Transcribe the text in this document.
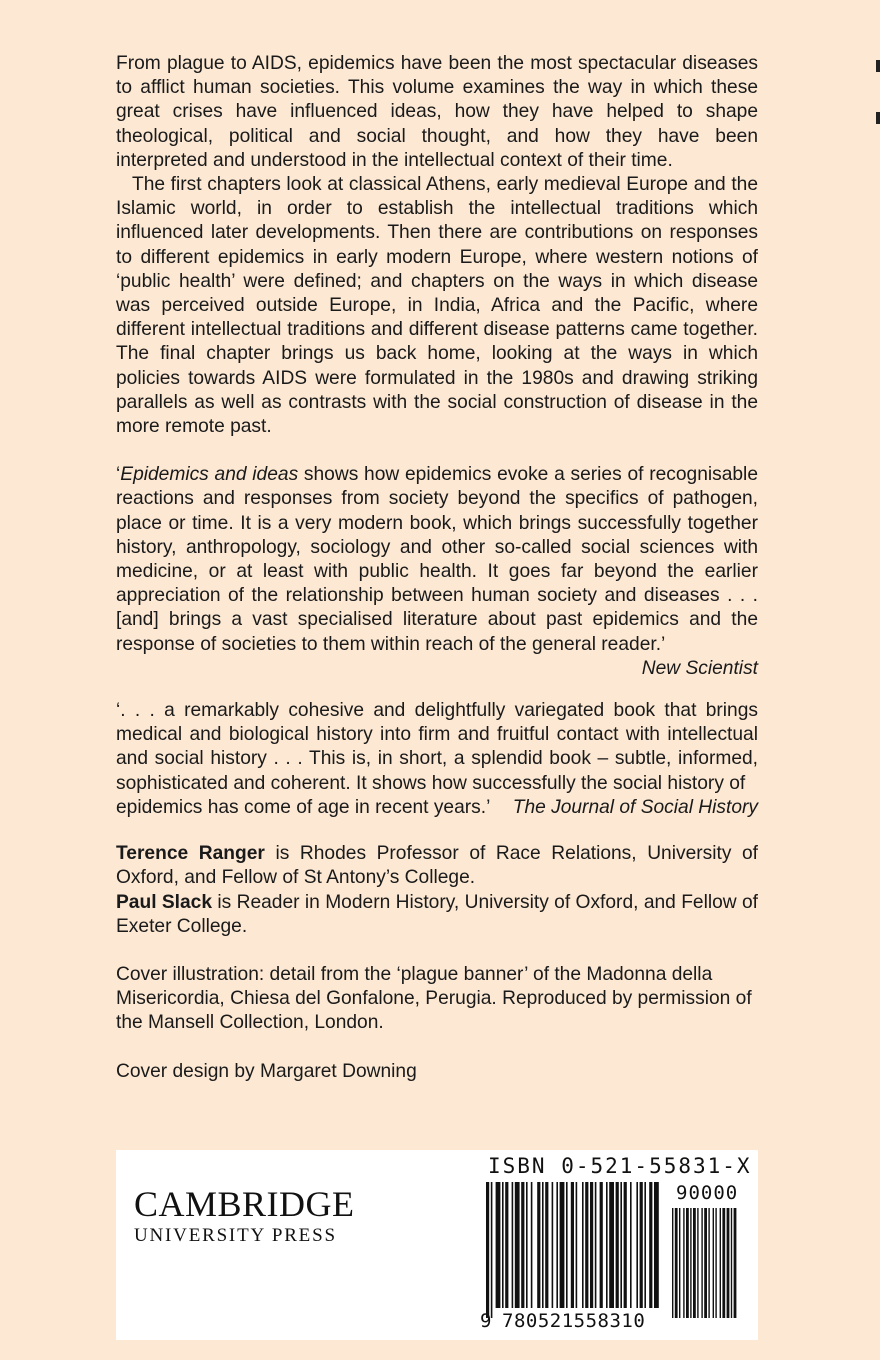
From plague to AIDS, epidemics have been the most spectacular diseases to afflict human societies. This volume examines the way in which these great crises have influenced ideas, how they have helped to shape theological, political and social thought, and how they have been interpreted and understood in the intellectual context of their time.

The first chapters look at classical Athens, early medieval Europe and the Islamic world, in order to establish the intellectual traditions which influenced later developments. Then there are contributions on responses to different epidemics in early modern Europe, where western notions of ‘public health’ were defined; and chapters on the ways in which disease was perceived outside Europe, in India, Africa and the Pacific, where different intellectual traditions and different disease patterns came together. The final chapter brings us back home, looking at the ways in which policies towards AIDS were formulated in the 1980s and drawing striking parallels as well as contrasts with the social construction of disease in the more remote past.

‘Epidemics and ideas shows how epidemics evoke a series of recognisable reactions and responses from society beyond the specifics of pathogen, place or time. It is a very modern book, which brings successfully together history, anthropology, sociology and other so-called social sciences with medicine, or at least with public health. It goes far beyond the earlier appreciation of the relationship between human society and diseases . . . [and] brings a vast specialised literature about past epidemics and the response of societies to them within reach of the general reader.’

New Scientist

‘. . . a remarkably cohesive and delightfully variegated book that brings medical and biological history into firm and fruitful contact with intellectual and social history . . . This is, in short, a splendid book – subtle, informed, sophisticated and coherent. It shows how successfully the social history of

epidemics has come of age in recent years.’ The Journal of Social History

Terence Ranger is Rhodes Professor of Race Relations, University of Oxford, and Fellow of St Antony’s College.

Paul Slack is Reader in Modern History, University of Oxford, and Fellow of Exeter College.

Cover illustration: detail from the ‘plague banner’ of the Madonna della Misericordia, Chiesa del Gonfalone, Perugia. Reproduced by permission of the Mansell Collection, London.

Cover design by Margaret Downing

CAMBRIDGE
UNIVERSITY PRESS
ISBN 0-521-55831-X
90000
9 780521558310
